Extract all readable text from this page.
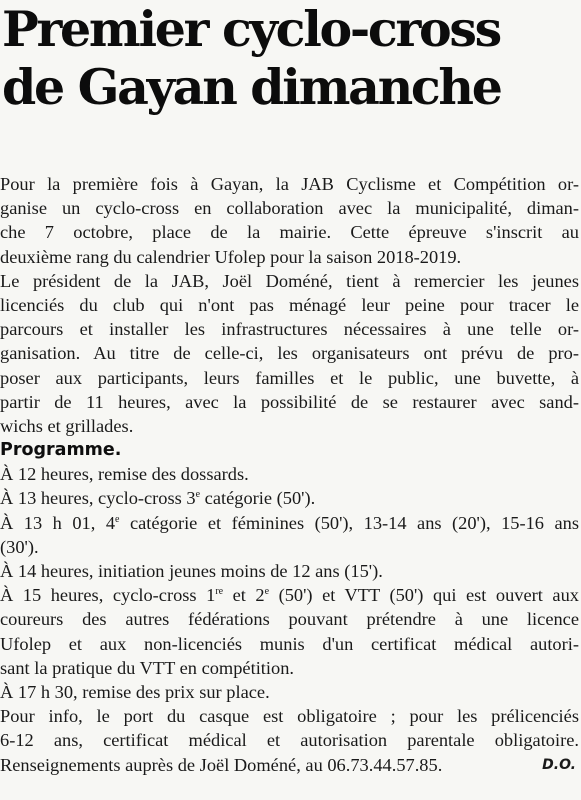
Premier cyclo-cross
de Gayan dimanche
Pour la première fois à Gayan, la JAB Cyclisme et Compétition or-
ganise un cyclo-cross en collaboration avec la municipalité, diman-
che 7 octobre, place de la mairie. Cette épreuve s'inscrit au
deuxième rang du calendrier Ufolep pour la saison 2018-2019.
Le président de la JAB, Joël Doméné, tient à remercier les jeunes
licenciés du club qui n'ont pas ménagé leur peine pour tracer le
parcours et installer les infrastructures nécessaires à une telle or-
ganisation. Au titre de celle-ci, les organisateurs ont prévu de pro-
poser aux participants, leurs familles et le public, une buvette, à
partir de 11 heures, avec la possibilité de se restaurer avec sand-
wichs et grillades.
Programme.
À 12 heures, remise des dossards.
À 13 heures, cyclo-cross 3e catégorie (50').
À 13 h 01, 4e catégorie et féminines (50'), 13-14 ans (20'), 15-16 ans
(30').
À 14 heures, initiation jeunes moins de 12 ans (15').
À 15 heures, cyclo-cross 1re et 2e (50') et VTT (50') qui est ouvert aux
coureurs des autres fédérations pouvant prétendre à une licence
Ufolep et aux non-licenciés munis d'un certificat médical autori-
sant la pratique du VTT en compétition.
À 17 h 30, remise des prix sur place.
Pour info, le port du casque est obligatoire ; pour les prélicenciés
6-12 ans, certificat médical et autorisation parentale obligatoire.
Renseignements auprès de Joël Doméné, au 06.73.44.57.85.	D.O.
